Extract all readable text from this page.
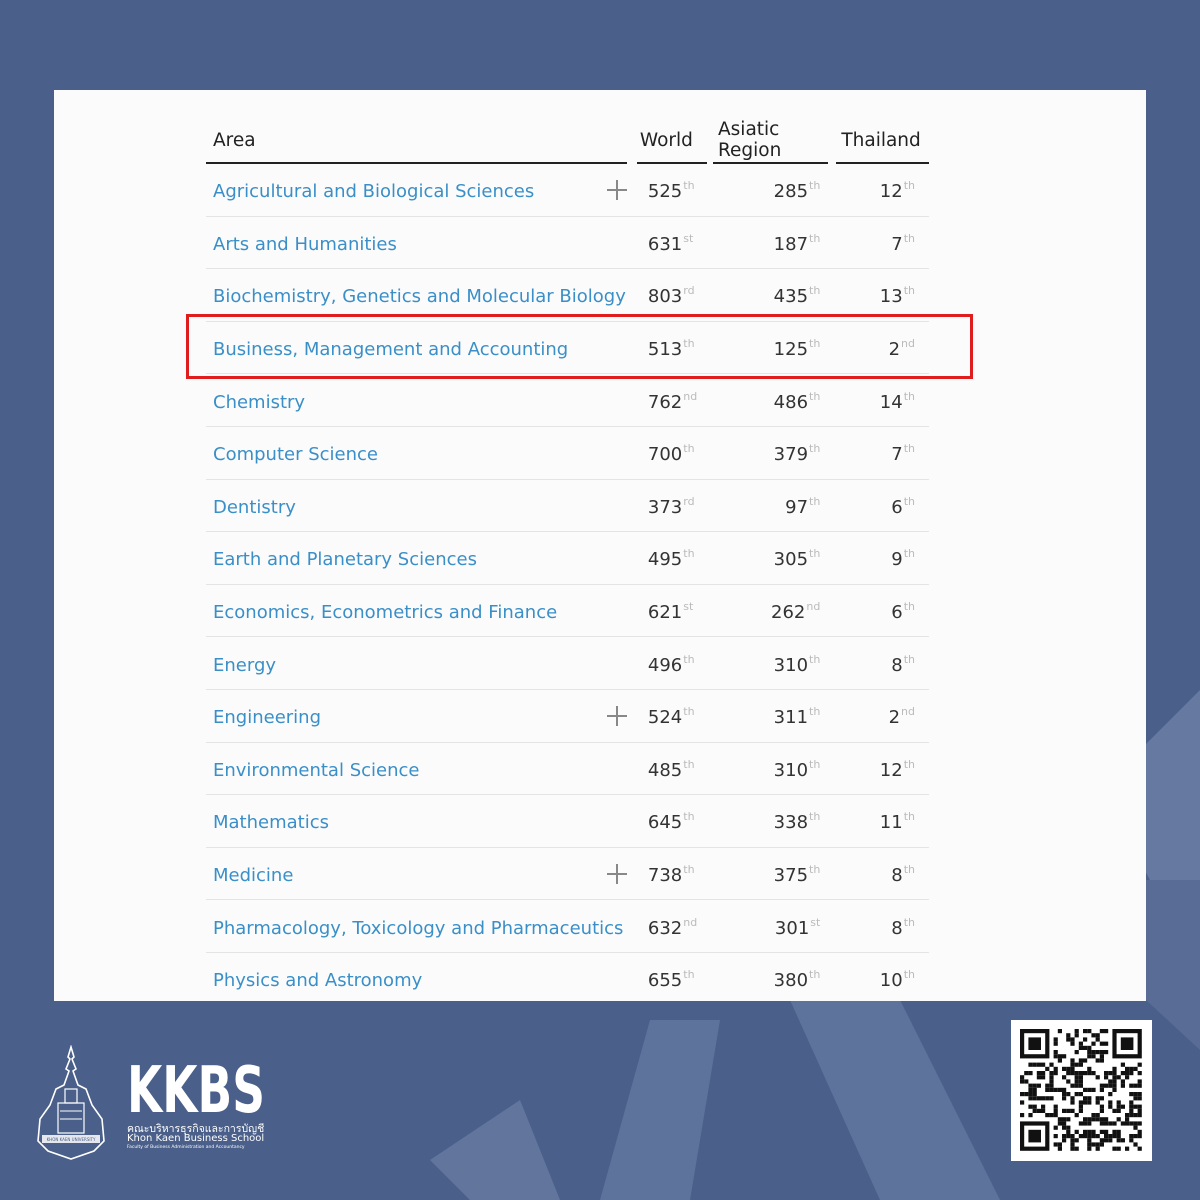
Area	World	Asiatic Region	Thailand
Agricultural and Biological Sciences	525th	285th	12th
Arts and Humanities	631st	187th	7th
Biochemistry, Genetics and Molecular Biology	803rd	435th	13th
Business, Management and Accounting	513th	125th	2nd
Chemistry	762nd	486th	14th
Computer Science	700th	379th	7th
Dentistry	373rd	97th	6th
Earth and Planetary Sciences	495th	305th	9th
Economics, Econometrics and Finance	621st	262nd	6th
Energy	496th	310th	8th
Engineering	524th	311th	2nd
Environmental Science	485th	310th	12th
Mathematics	645th	338th	11th
Medicine	738th	375th	8th
Pharmacology, Toxicology and Pharmaceutics	632nd	301st	8th
Physics and Astronomy	655th	380th	10th
KHON KAEN UNIVERSITY
KKBS
คณะบริหารธุรกิจและการบัญชี
Khon Kaen Business School
Faculty of Business Administration and Accountancy
